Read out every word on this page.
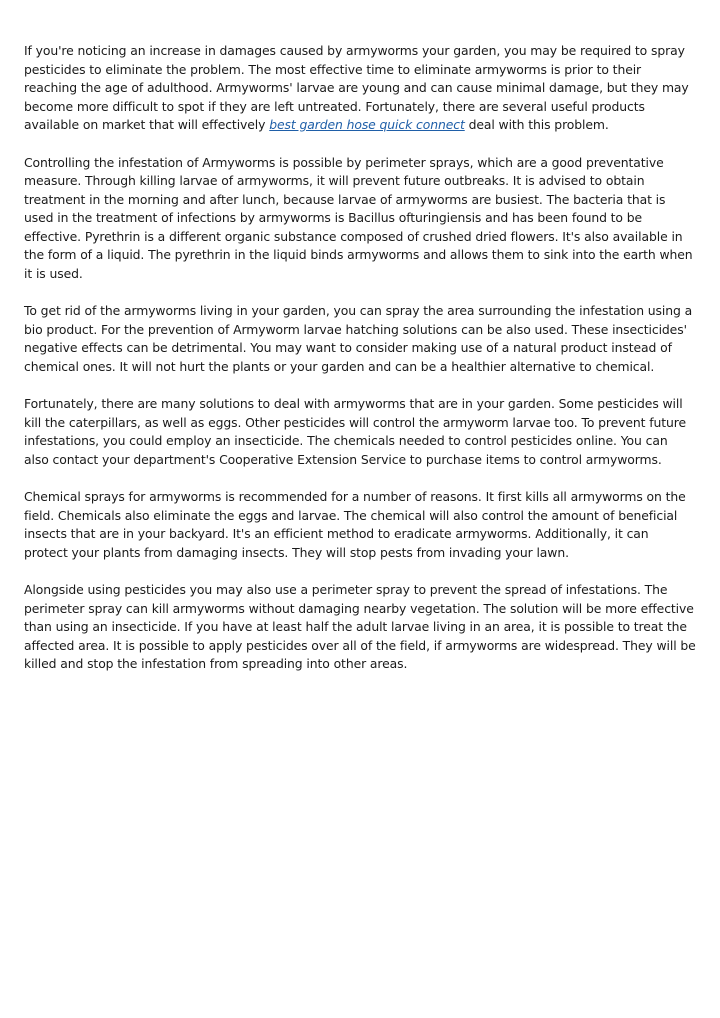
If you're noticing an increase in damages caused by armyworms your garden, you may be required to spray pesticides to eliminate the problem. The most effective time to eliminate armyworms is prior to their reaching the age of adulthood. Armyworms' larvae are young and can cause minimal damage, but they may become more difficult to spot if they are left untreated. Fortunately, there are several useful products available on market that will effectively best garden hose quick connect deal with this problem.

Controlling the infestation of Armyworms is possible by perimeter sprays, which are a good preventative measure. Through killing larvae of armyworms, it will prevent future outbreaks. It is advised to obtain treatment in the morning and after lunch, because larvae of armyworms are busiest. The bacteria that is used in the treatment of infections by armyworms is Bacillus ofturingiensis and has been found to be effective. Pyrethrin is a different organic substance composed of crushed dried flowers. It's also available in the form of a liquid. The pyrethrin in the liquid binds armyworms and allows them to sink into the earth when it is used.

To get rid of the armyworms living in your garden, you can spray the area surrounding the infestation using a bio product. For the prevention of Armyworm larvae hatching solutions can be also used. These insecticides' negative effects can be detrimental. You may want to consider making use of a natural product instead of chemical ones. It will not hurt the plants or your garden and can be a healthier alternative to chemical.

Fortunately, there are many solutions to deal with armyworms that are in your garden. Some pesticides will kill the caterpillars, as well as eggs. Other pesticides will control the armyworm larvae too. To prevent future infestations, you could employ an insecticide. The chemicals needed to control pesticides online. You can also contact your department's Cooperative Extension Service to purchase items to control armyworms.

Chemical sprays for armyworms is recommended for a number of reasons. It first kills all armyworms on the field. Chemicals also eliminate the eggs and larvae. The chemical will also control the amount of beneficial insects that are in your backyard. It's an efficient method to eradicate armyworms. Additionally, it can protect your plants from damaging insects. They will stop pests from invading your lawn.

Alongside using pesticides you may also use a perimeter spray to prevent the spread of infestations. The perimeter spray can kill armyworms without damaging nearby vegetation. The solution will be more effective than using an insecticide. If you have at least half the adult larvae living in an area, it is possible to treat the affected area. It is possible to apply pesticides over all of the field, if armyworms are widespread. They will be killed and stop the infestation from spreading into other areas.
